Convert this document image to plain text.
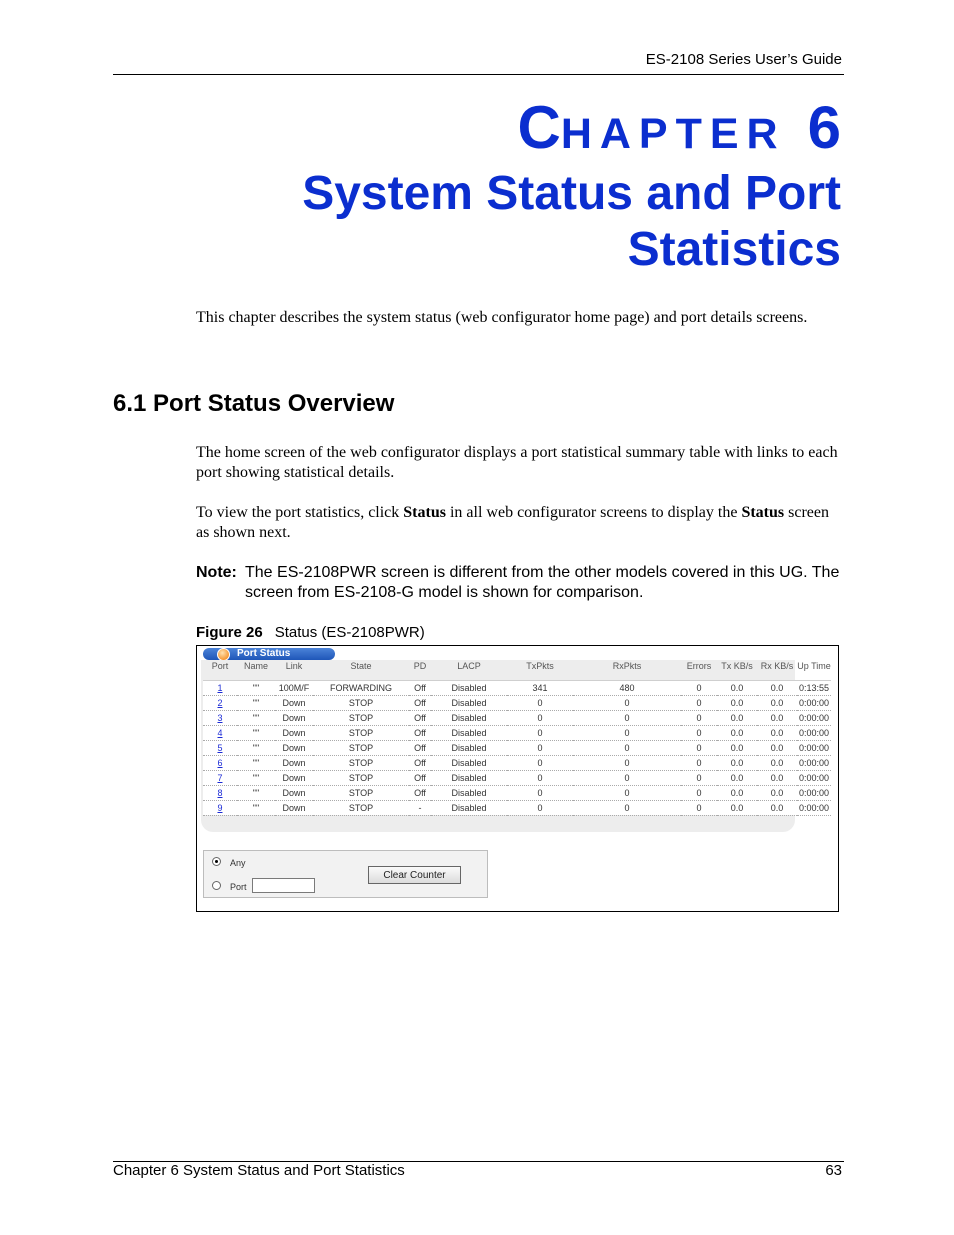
ES-2108 Series User’s Guide
CHAPTER 6
System Status and Port
Statistics

This chapter describes the system status (web configurator home page) and port details screens.

6.1 Port Status Overview

The home screen of the web configurator displays a port statistical summary table with links to each port showing statistical details.

To view the port statistics, click Status in all web configurator screens to display the Status screen as shown next.

Note: The ES-2108PWR screen is different from the other models covered in this UG. The screen from ES-2108-G model is shown for comparison.
Figure 26 Status (ES-2108PWR)
Port Status
Port	Name	Link	State	PD	LACP	TxPkts	RxPkts	Errors	Tx KB/s	Rx KB/s	Up Time
1	""	100M/F	FORWARDING	Off	Disabled	341	480	0	0.0	0.0	0:13:55
2	""	Down	STOP	Off	Disabled	0	0	0	0.0	0.0	0:00:00
3	""	Down	STOP	Off	Disabled	0	0	0	0.0	0.0	0:00:00
4	""	Down	STOP	Off	Disabled	0	0	0	0.0	0.0	0:00:00
5	""	Down	STOP	Off	Disabled	0	0	0	0.0	0.0	0:00:00
6	""	Down	STOP	Off	Disabled	0	0	0	0.0	0.0	0:00:00
7	""	Down	STOP	Off	Disabled	0	0	0	0.0	0.0	0:00:00
8	""	Down	STOP	Off	Disabled	0	0	0	0.0	0.0	0:00:00
9	""	Down	STOP	-	Disabled	0	0	0	0.0	0.0	0:00:00
Any
Port
Clear Counter
Chapter 6 System Status and Port Statistics	63
